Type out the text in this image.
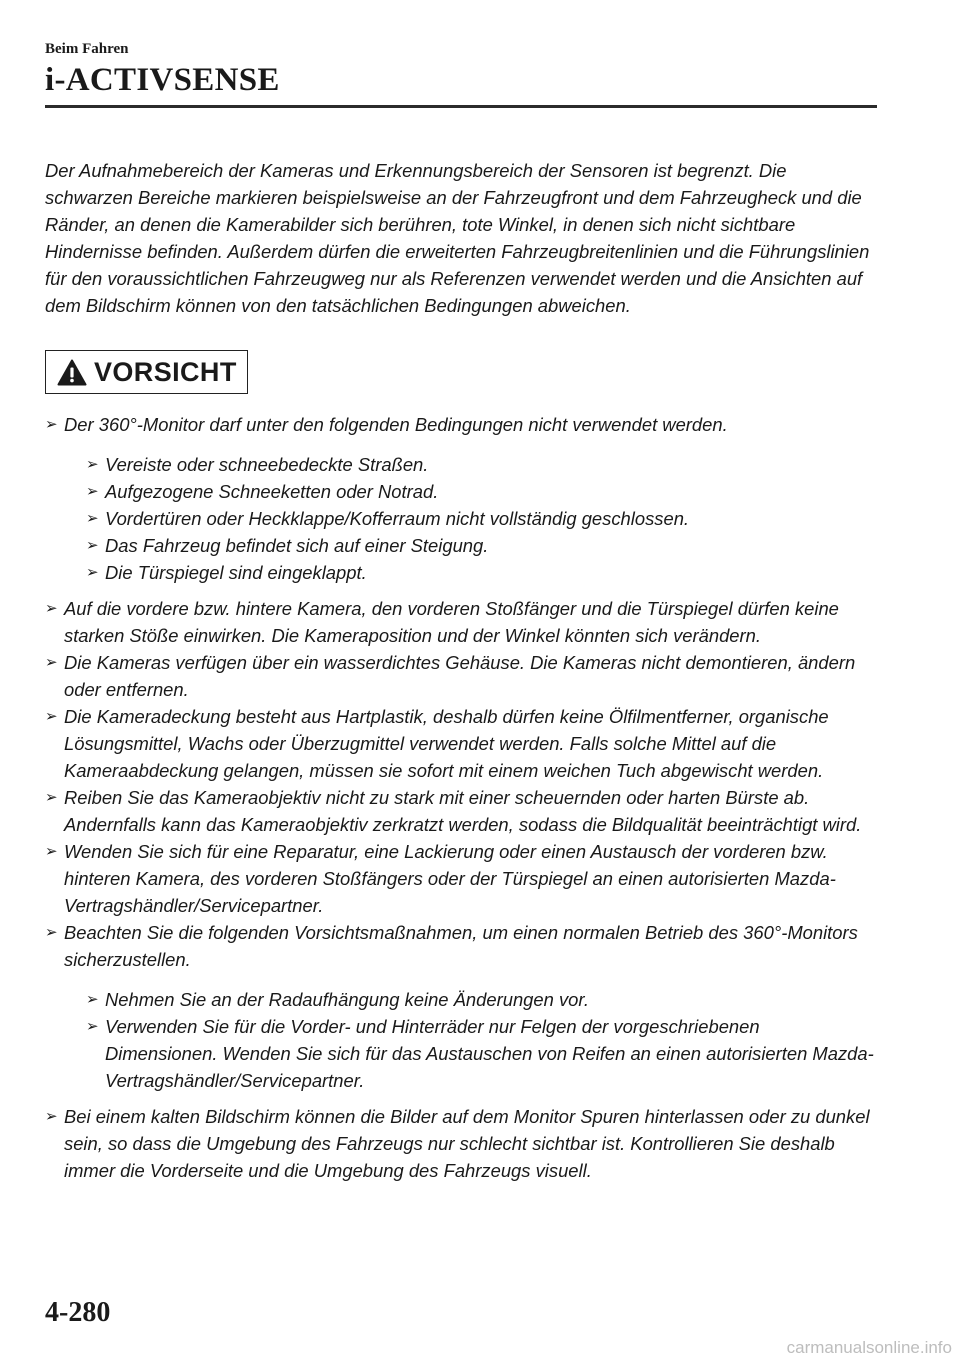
Beim Fahren
i-ACTIVSENSE

Der Aufnahmebereich der Kameras und Erkennungsbereich der Sensoren ist begrenzt. Die schwarzen Bereiche markieren beispielsweise an der Fahrzeugfront und dem Fahrzeugheck und die Ränder, an denen die Kamerabilder sich berühren, tote Winkel, in denen sich nicht sichtbare Hindernisse befinden. Außerdem dürfen die erweiterten Fahrzeugbreitenlinien und die Führungslinien für den voraussichtlichen Fahrzeugweg nur als Referenzen verwendet werden und die Ansichten auf dem Bildschirm können von den tatsächlichen Bedingungen abweichen.

VORSICHT
➢ Der 360°-Monitor darf unter den folgenden Bedingungen nicht verwendet werden.
➢ Vereiste oder schneebedeckte Straßen.
➢ Aufgezogene Schneeketten oder Notrad.
➢ Vordertüren oder Heckklappe/Kofferraum nicht vollständig geschlossen.
➢ Das Fahrzeug befindet sich auf einer Steigung.
➢ Die Türspiegel sind eingeklappt.
➢ Auf die vordere bzw. hintere Kamera, den vorderen Stoßfänger und die Türspiegel dürfen keine starken Stöße einwirken. Die Kameraposition und der Winkel könnten sich verändern.
➢ Die Kameras verfügen über ein wasserdichtes Gehäuse. Die Kameras nicht demontieren, ändern oder entfernen.
➢ Die Kameradeckung besteht aus Hartplastik, deshalb dürfen keine Ölfilmentferner, organische Lösungsmittel, Wachs oder Überzugmittel verwendet werden. Falls solche Mittel auf die Kameraabdeckung gelangen, müssen sie sofort mit einem weichen Tuch abgewischt werden.
➢ Reiben Sie das Kameraobjektiv nicht zu stark mit einer scheuernden oder harten Bürste ab. Andernfalls kann das Kameraobjektiv zerkratzt werden, sodass die Bildqualität beeinträchtigt wird.
➢ Wenden Sie sich für eine Reparatur, eine Lackierung oder einen Austausch der vorderen bzw. hinteren Kamera, des vorderen Stoßfängers oder der Türspiegel an einen autorisierten Mazda-Vertragshändler/Servicepartner.
➢ Beachten Sie die folgenden Vorsichtsmaßnahmen, um einen normalen Betrieb des 360°-Monitors sicherzustellen.
➢ Nehmen Sie an der Radaufhängung keine Änderungen vor.
➢ Verwenden Sie für die Vorder- und Hinterräder nur Felgen der vorgeschriebenen Dimensionen. Wenden Sie sich für das Austauschen von Reifen an einen autorisierten Mazda-Vertragshändler/Servicepartner.
➢ Bei einem kalten Bildschirm können die Bilder auf dem Monitor Spuren hinterlassen oder zu dunkel sein, so dass die Umgebung des Fahrzeugs nur schlecht sichtbar ist. Kontrollieren Sie deshalb immer die Vorderseite und die Umgebung des Fahrzeugs visuell.
4-280
carmanualsonline.info
